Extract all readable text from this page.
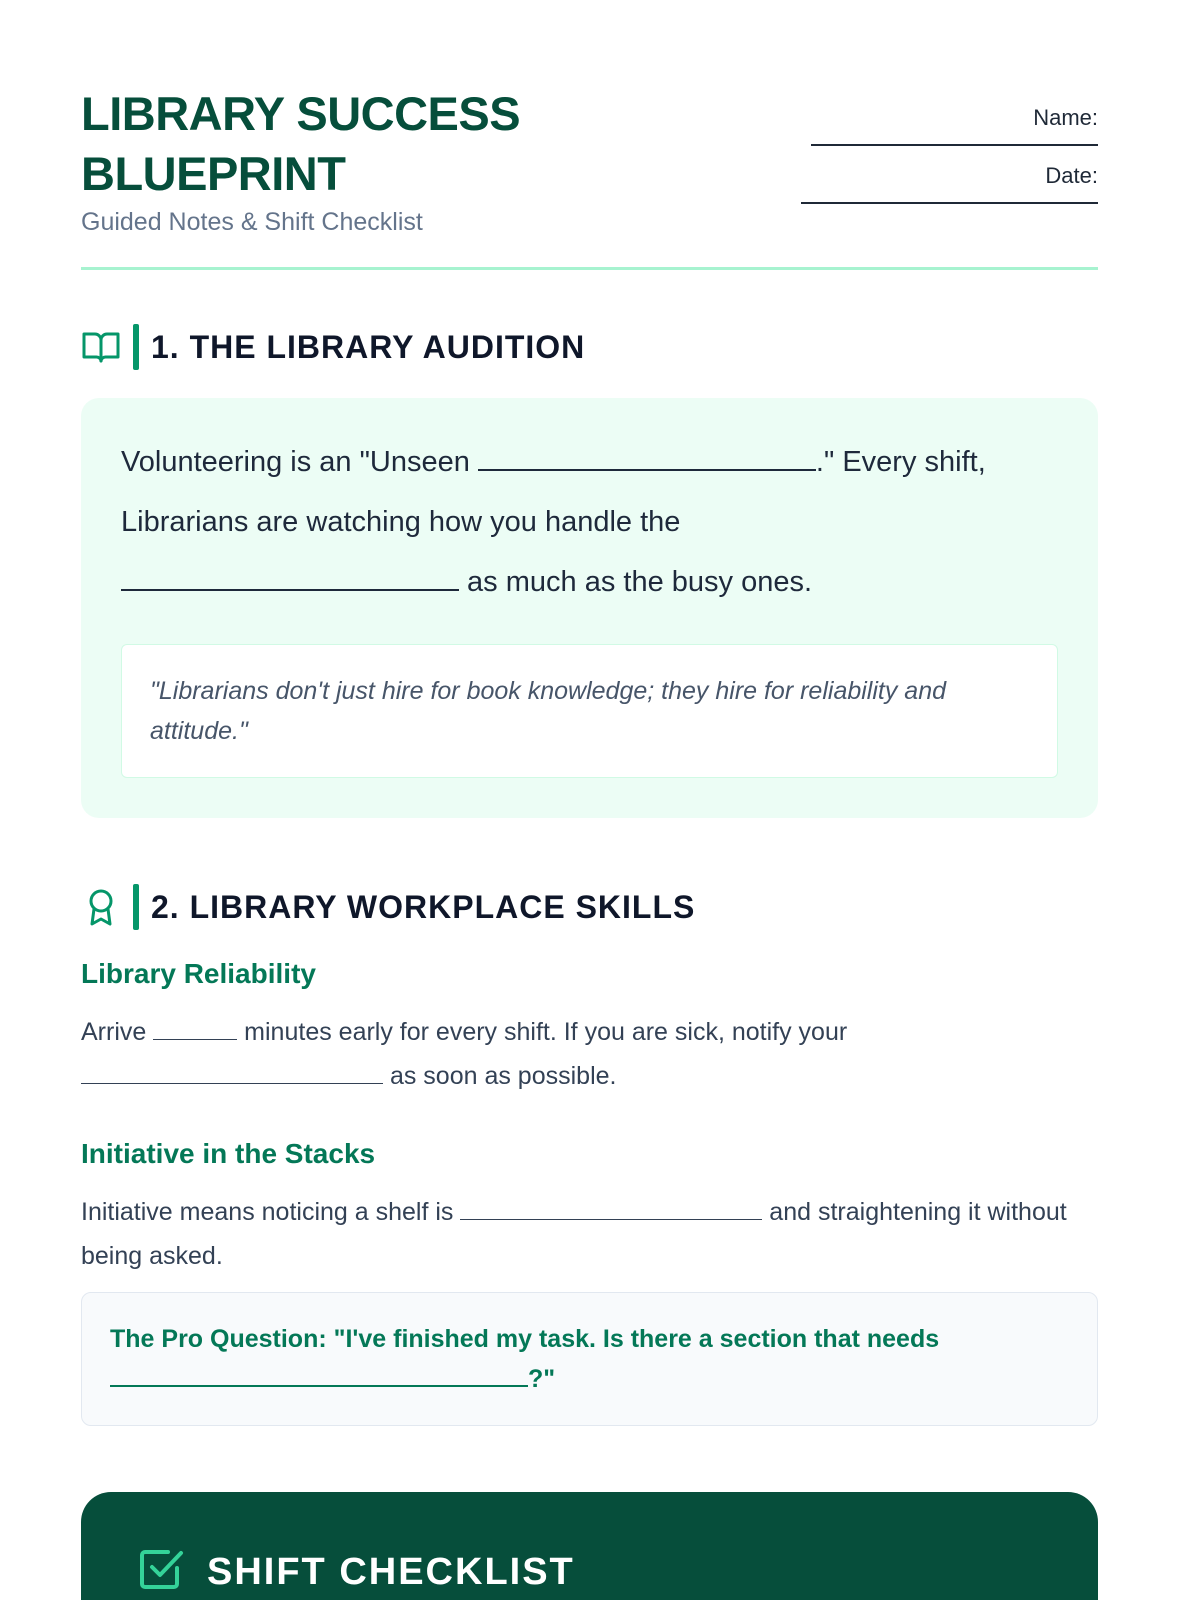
LIBRARY SUCCESS
BLUEPRINT
Guided Notes & Shift Checklist
Name:
Date:
1. THE LIBRARY AUDITION
Volunteering is an "Unseen	." Every shift,
Librarians are watching how you handle the
as much as the busy ones.
"Librarians don't just hire for book knowledge; they hire for reliability and attitude."
2. LIBRARY WORKPLACE SKILLS
Library Reliability
Arrive	minutes early for every shift. If you are sick, notify your
as soon as possible.
Initiative in the Stacks
Initiative means noticing a shelf is	and straightening it without being asked.
The Pro Question: "I've finished my task. Is there a section that needs
?"
SHIFT CHECKLIST
